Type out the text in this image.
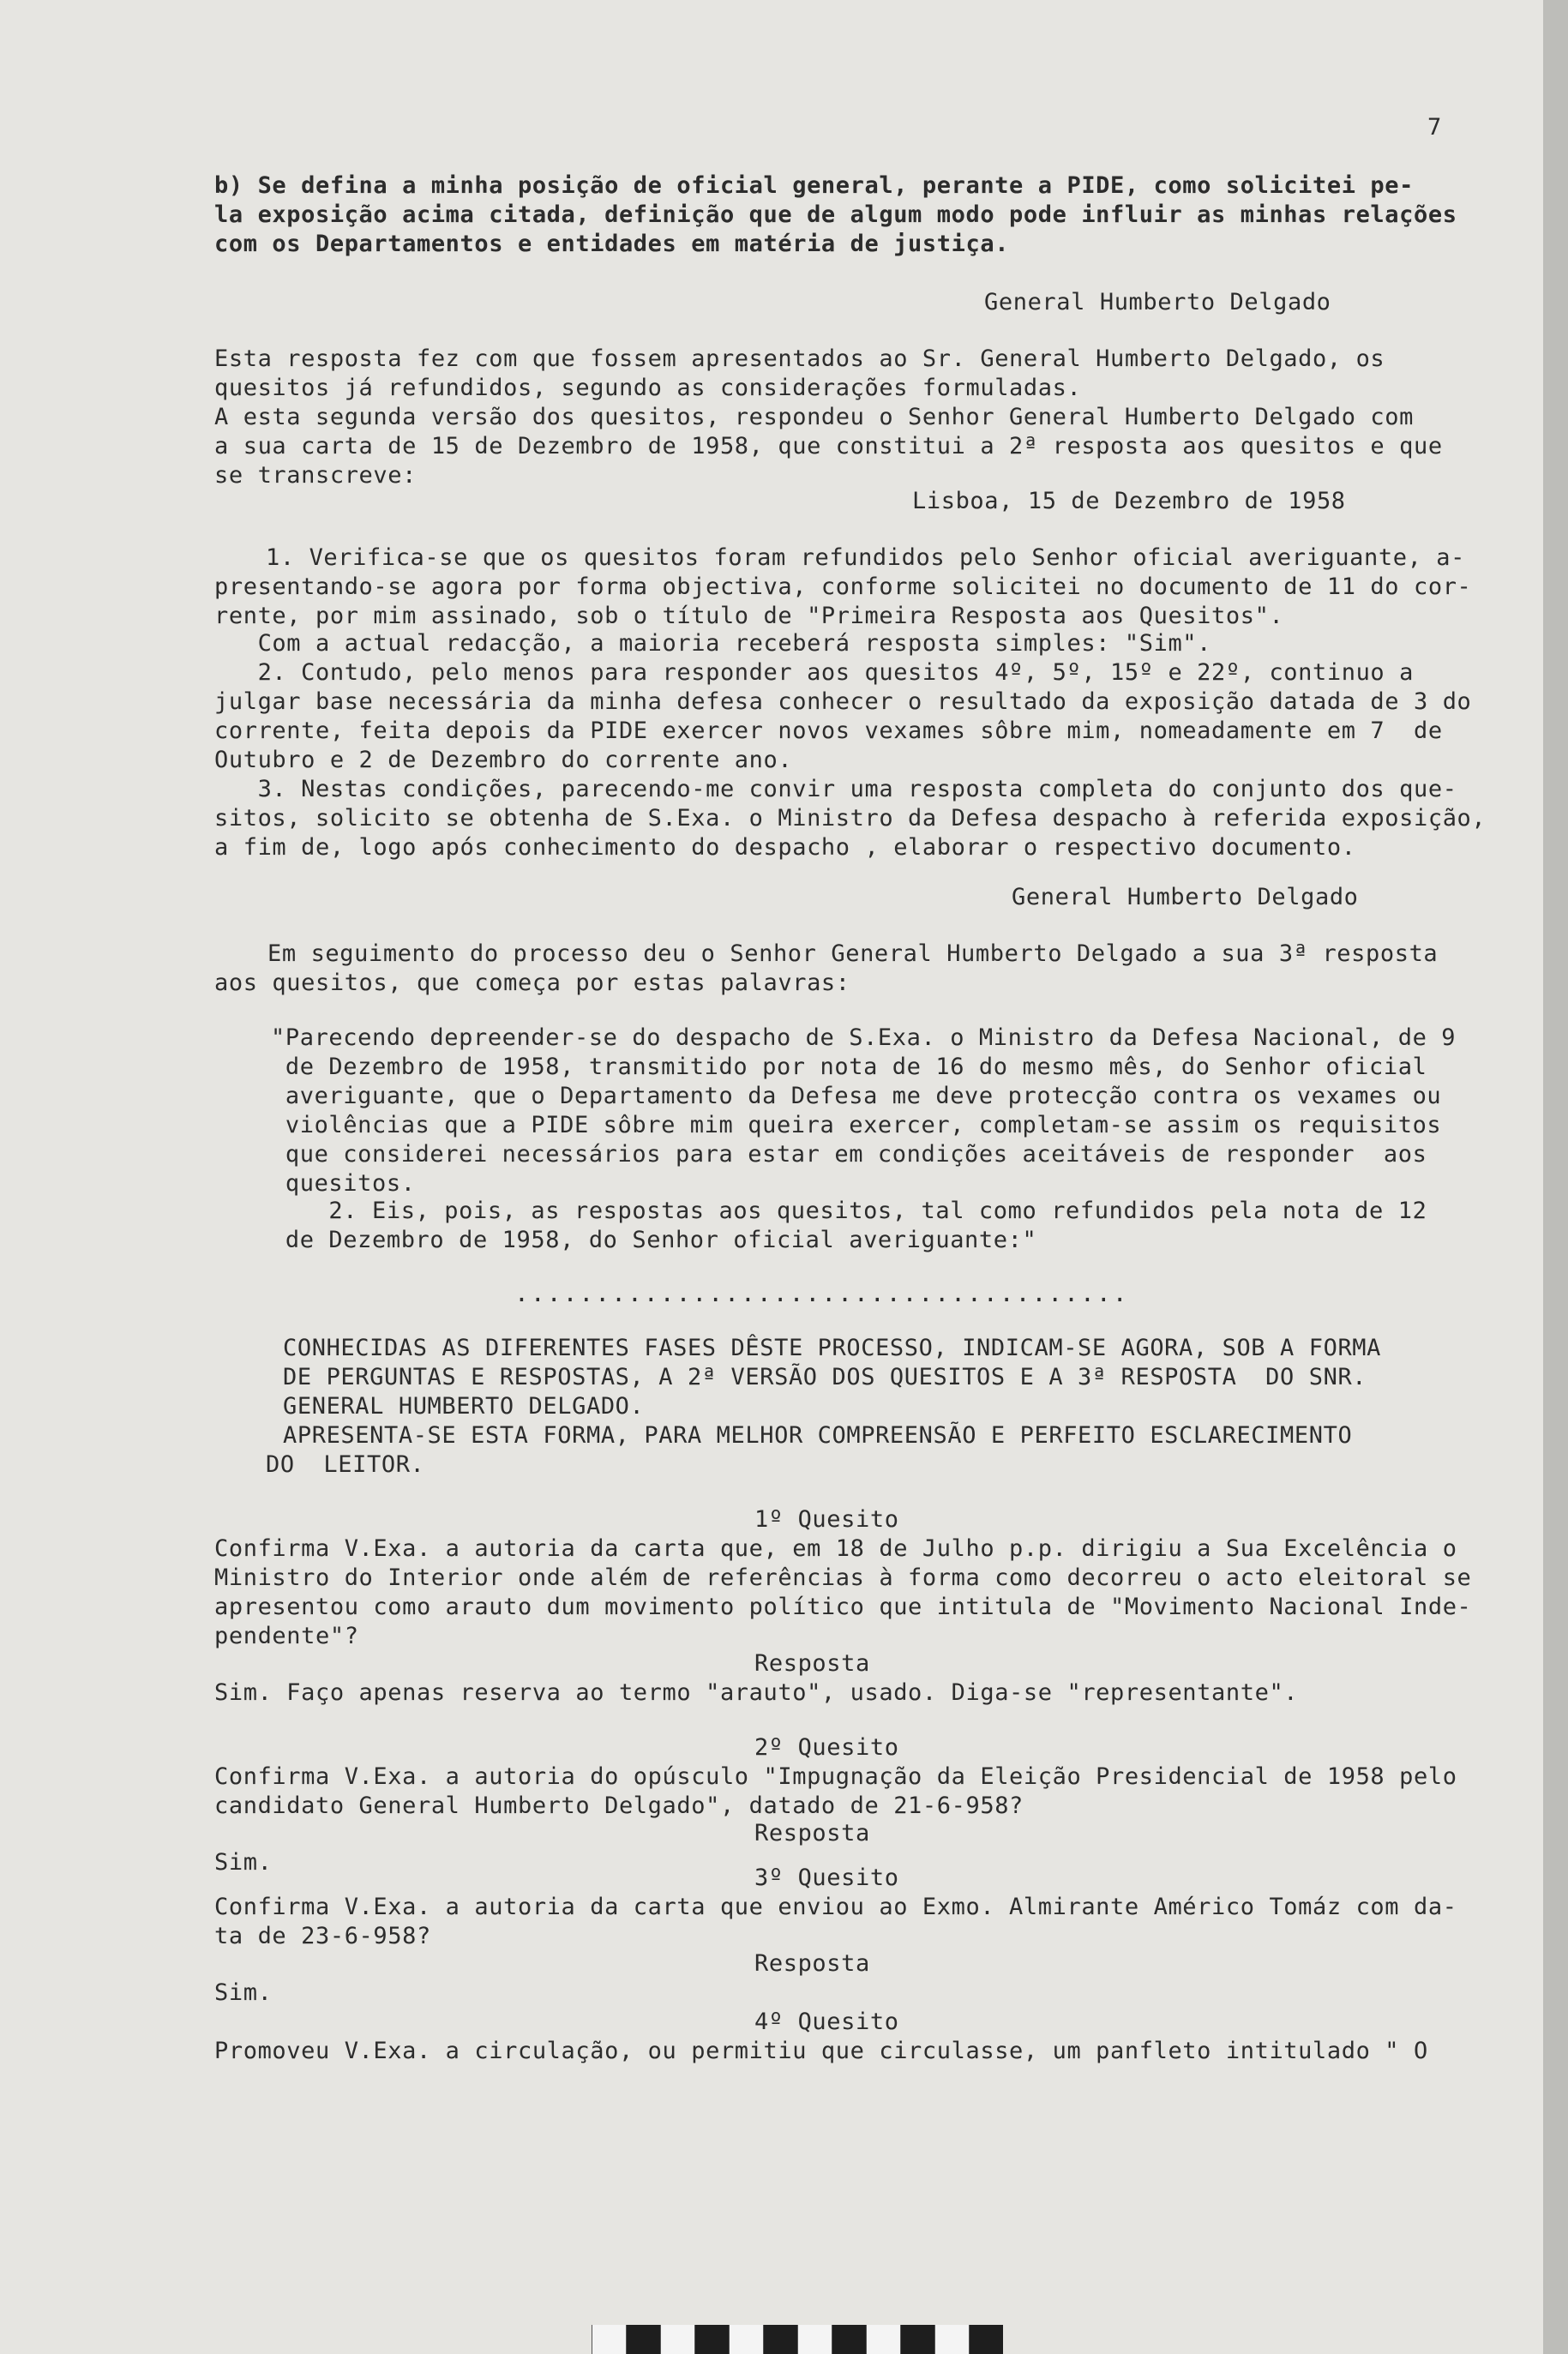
7
b) Se defina a minha posição de oficial general, perante a PIDE, como solicitei pe-
la exposição acima citada, definição que de algum modo pode influir as minhas relações
com os Departamentos e entidades em matéria de justiça.
General Humberto Delgado
Esta resposta fez com que fossem apresentados ao Sr. General Humberto Delgado, os
quesitos já refundidos, segundo as considerações formuladas.
A esta segunda versão dos quesitos, respondeu o Senhor General Humberto Delgado com
a sua carta de 15 de Dezembro de 1958, que constitui a 2ª resposta aos quesitos e que
se transcreve:
Lisboa, 15 de Dezembro de 1958
1. Verifica-se que os quesitos foram refundidos pelo Senhor oficial averiguante, a-
presentando-se agora por forma objectiva, conforme solicitei no documento de 11 do cor-
rente, por mim assinado, sob o título de "Primeira Resposta aos Quesitos".
Com a actual redacção, a maioria receberá resposta simples: "Sim".
2. Contudo, pelo menos para responder aos quesitos 4º, 5º, 15º e 22º, continuo a
julgar base necessária da minha defesa conhecer o resultado da exposição datada de 3 do
corrente, feita depois da PIDE exercer novos vexames sôbre mim, nomeadamente em 7  de
Outubro e 2 de Dezembro do corrente ano.
3. Nestas condições, parecendo-me convir uma resposta completa do conjunto dos que-
sitos, solicito se obtenha de S.Exa. o Ministro da Defesa despacho à referida exposição,
a fim de, logo após conhecimento do despacho , elaborar o respectivo documento.
General Humberto Delgado
Em seguimento do processo deu o Senhor General Humberto Delgado a sua 3ª resposta
aos quesitos, que começa por estas palavras:
"Parecendo depreender-se do despacho de S.Exa. o Ministro da Defesa Nacional, de 9
de Dezembro de 1958, transmitido por nota de 16 do mesmo mês, do Senhor oficial
averiguante, que o Departamento da Defesa me deve protecção contra os vexames ou
violências que a PIDE sôbre mim queira exercer, completam-se assim os requisitos
que considerei necessários para estar em condições aceitáveis de responder  aos
quesitos.
2. Eis, pois, as respostas aos quesitos, tal como refundidos pela nota de 12
de Dezembro de 1958, do Senhor oficial averiguante:"
......................................
CONHECIDAS AS DIFERENTES FASES DÊSTE PROCESSO, INDICAM-SE AGORA, SOB A FORMA
DE PERGUNTAS E RESPOSTAS, A 2ª VERSÃO DOS QUESITOS E A 3ª RESPOSTA  DO SNR.
GENERAL HUMBERTO DELGADO.
APRESENTA-SE ESTA FORMA, PARA MELHOR COMPREENSÃO E PERFEITO ESCLARECIMENTO
DO  LEITOR.
1º Quesito
Confirma V.Exa. a autoria da carta que, em 18 de Julho p.p. dirigiu a Sua Excelência o
Ministro do Interior onde além de referências à forma como decorreu o acto eleitoral se
apresentou como arauto dum movimento político que intitula de "Movimento Nacional Inde-
pendente"?
Resposta
Sim. Faço apenas reserva ao termo "arauto", usado. Diga-se "representante".
2º Quesito
Confirma V.Exa. a autoria do opúsculo "Impugnação da Eleição Presidencial de 1958 pelo
candidato General Humberto Delgado", datado de 21-6-958?
Resposta
Sim.
3º Quesito
Confirma V.Exa. a autoria da carta que enviou ao Exmo. Almirante Américo Tomáz com da-
ta de 23-6-958?
Resposta
Sim.
4º Quesito
Promoveu V.Exa. a circulação, ou permitiu que circulasse, um panfleto intitulado " O
